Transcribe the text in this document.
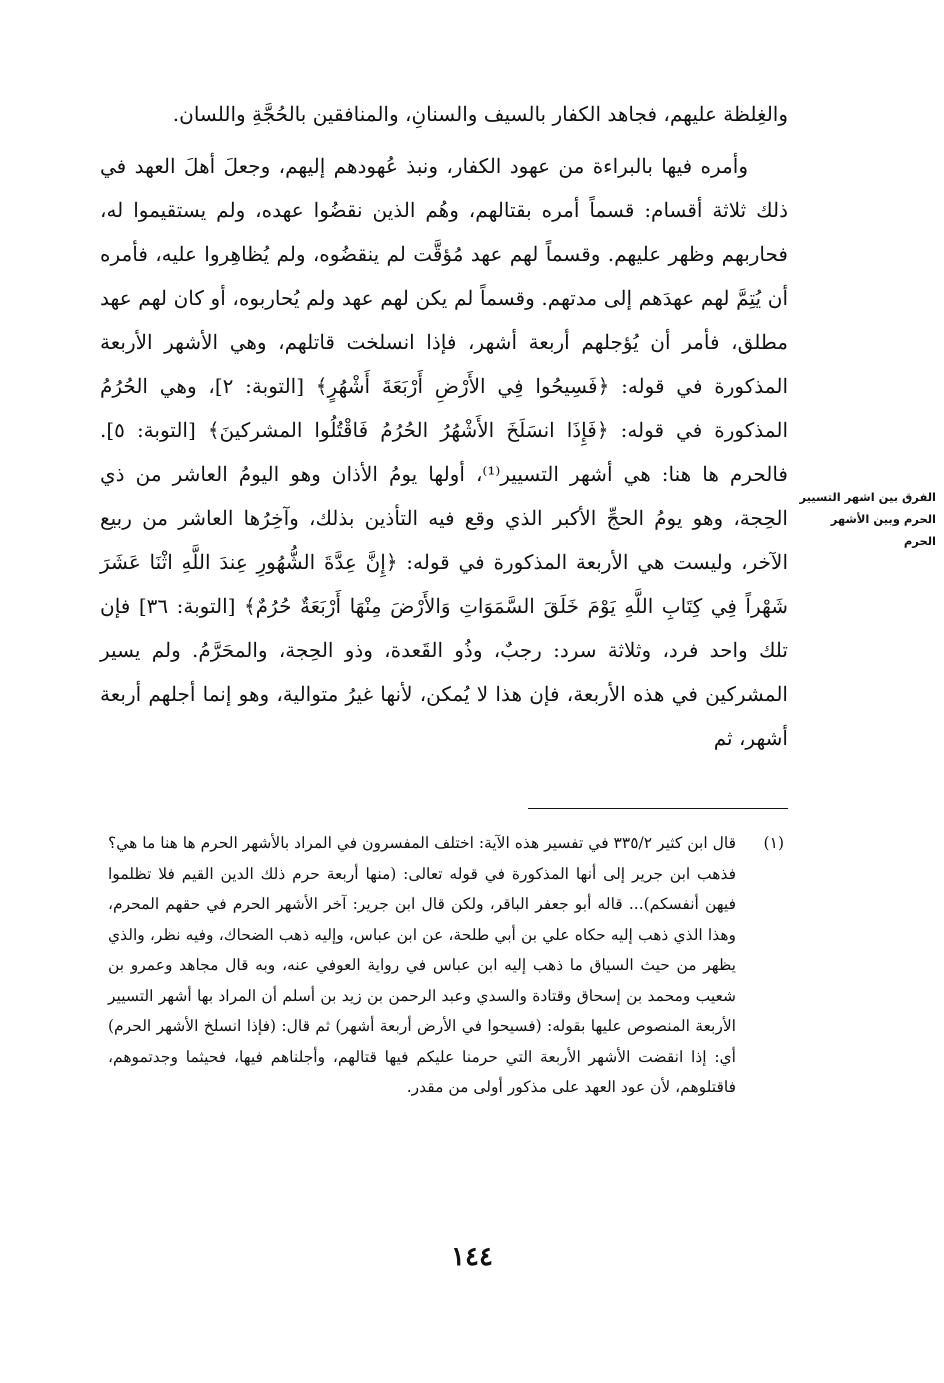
والغِلظة عليهم، فجاهد الكفار بالسيف والسنانِ، والمنافقين بالحُجَّةِ واللسان.

وأمره فيها بالبراءة من عهود الكفار، ونبذ عُهودهم إليهم، وجعلَ أهلَ العهد في ذلك ثلاثة أقسام: قسماً أمره بقتالهم، وهُم الذين نقضُوا عهده، ولم يستقيموا له، فحاربهم وظهر عليهم. وقسماً لهم عهد مُؤقَّت لم ينقضُوه، ولم يُظاهِروا عليه، فأمره أن يُتِمَّ لهم عهدَهم إلى مدتهم. وقسماً لم يكن لهم عهد ولم يُحاربوه، أو كان لهم عهد مطلق، فأمر أن يُؤجلهم أربعة أشهر، فإذا انسلخت قاتلهم، وهي الأشهر الأربعة المذكورة في قوله: ﴿فَسِيحُوا فِي الأَرْضِ أَرْبَعَةَ أَشْهُرٍ﴾ [التوبة: ٢]، وهي الحُرُمُ المذكورة في قوله: ﴿فَإِذَا انسَلَخَ الأَشْهُرُ الحُرُمُ فَاقْتُلُوا المشركينَ﴾ [التوبة: ٥]. فالحرم ها هنا: هي أشهر التسيير⁽¹⁾، أولها يومُ الأذان وهو اليومُ العاشر من ذي الحِجة، وهو يومُ الحجِّ الأكبر الذي وقع فيه التأذين بذلك، وآخِرُها العاشر من ربيع الآخر، وليست هي الأربعة المذكورة في قوله: ﴿إِنَّ عِدَّةَ الشُّهُورِ عِندَ اللَّهِ اثْنَا عَشَرَ شَهْراً فِي كِتَابِ اللَّهِ يَوْمَ خَلَقَ السَّمَوَاتِ وَالأَرْضَ مِنْهَا أَرْبَعَةٌ حُرُمٌ﴾ [التوبة: ٣٦] فإن تلك واحد فرد، وثلاثة سرد: رجبٌ، وذُو القَعدة، وذو الحِجة، والمحَرَّمُ. ولم يسير المشركين في هذه الأربعة، فإن هذا لا يُمكن، لأنها غيرُ متوالية، وهو إنما أجلهم أربعة أشهر، ثم

الفرق بين اشهر التسيير
الحرم وبين الأشهر الحرم

(١)
قال ابن كثير ٣٣٥/٢ في تفسير هذه الآية: اختلف المفسرون في المراد بالأشهر الحرم ها هنا ما هي؟ فذهب ابن جرير إلى أنها المذكورة في قوله تعالى: (منها أربعة حرم ذلك الدين القيم فلا تظلموا فيهن أنفسكم)... قاله أبو جعفر الباقر، ولكن قال ابن جرير: آخر الأشهر الحرم في حقهم المحرم، وهذا الذي ذهب إليه حكاه علي بن أبي طلحة، عن ابن عباس، وإليه ذهب الضحاك، وفيه نظر، والذي يظهر من حيث السياق ما ذهب إليه ابن عباس في رواية العوفي عنه، وبه قال مجاهد وعمرو بن شعيب ومحمد بن إسحاق وقتادة والسدي وعبد الرحمن بن زيد بن أسلم أن المراد بها أشهر التسيير الأربعة المنصوص عليها بقوله: (فسيحوا في الأرض أربعة أشهر) ثم قال: (فإذا انسلخ الأشهر الحرم) أي: إذا انقضت الأشهر الأربعة التي حرمنا عليكم فيها قتالهم، وأجلناهم فيها، فحيثما وجدتموهم، فاقتلوهم، لأن عود العهد على مذكور أولى من مقدر.

١٤٤
